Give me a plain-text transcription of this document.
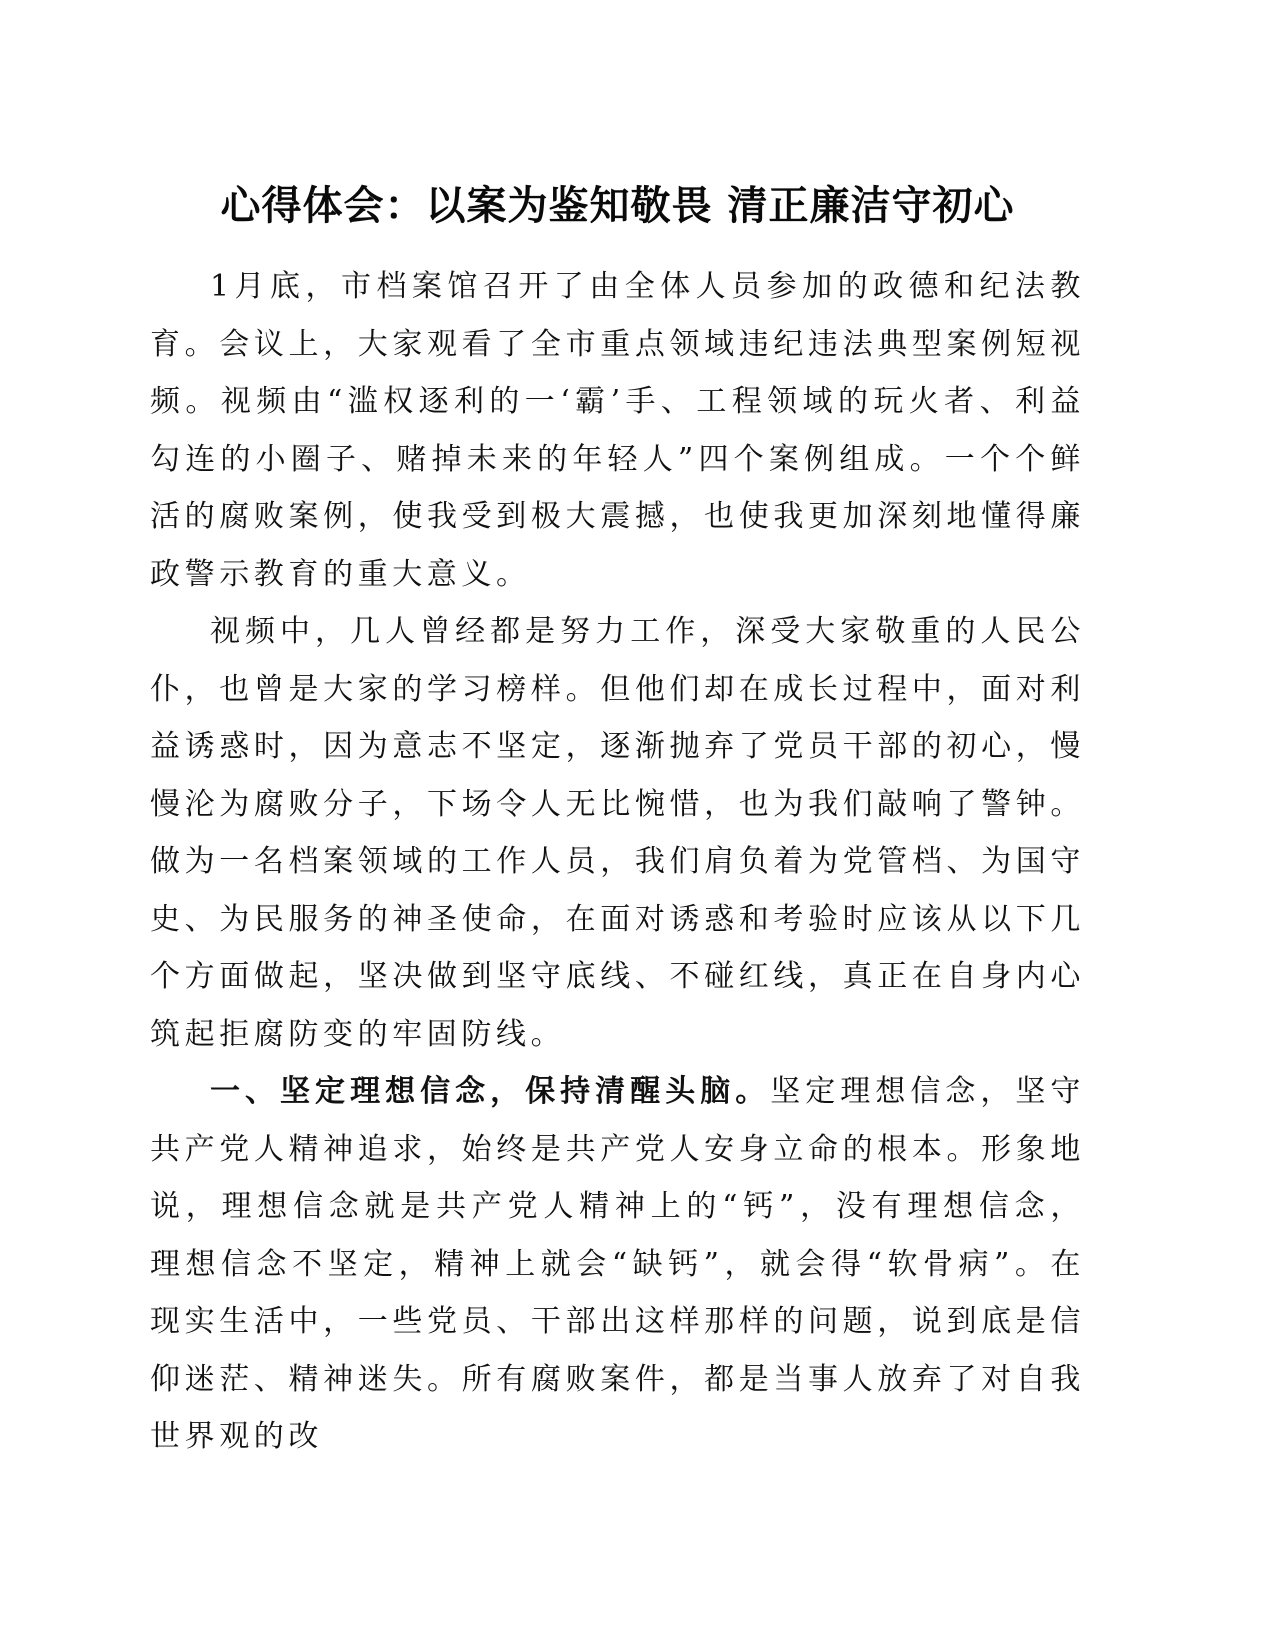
心得体会：以案为鉴知敬畏 清正廉洁守初心

1月底，市档案馆召开了由全体人员参加的政德和纪法教育。会议上，大家观看了全市重点领域违纪违法典型案例短视频。视频由“滥权逐利的一‘霸’手、工程领域的玩火者、利益勾连的小圈子、赌掉未来的年轻人”四个案例组成。一个个鲜活的腐败案例，使我受到极大震撼，也使我更加深刻地懂得廉政警示教育的重大意义。

视频中，几人曾经都是努力工作，深受大家敬重的人民公仆，也曾是大家的学习榜样。但他们却在成长过程中，面对利益诱惑时，因为意志不坚定，逐渐抛弃了党员干部的初心，慢慢沦为腐败分子，下场令人无比惋惜，也为我们敲响了警钟。做为一名档案领域的工作人员，我们肩负着为党管档、为国守史、为民服务的神圣使命，在面对诱惑和考验时应该从以下几个方面做起，坚决做到坚守底线、不碰红线，真正在自身内心筑起拒腐防变的牢固防线。

一、坚定理想信念，保持清醒头脑。坚定理想信念，坚守共产党人精神追求，始终是共产党人安身立命的根本。形象地说，理想信念就是共产党人精神上的“钙”，没有理想信念，理想信念不坚定，精神上就会“缺钙”，就会得“软骨病”。在现实生活中，一些党员、干部出这样那样的问题，说到底是信仰迷茫、精神迷失。所有腐败案件，都是当事人放弃了对自我世界观的改
